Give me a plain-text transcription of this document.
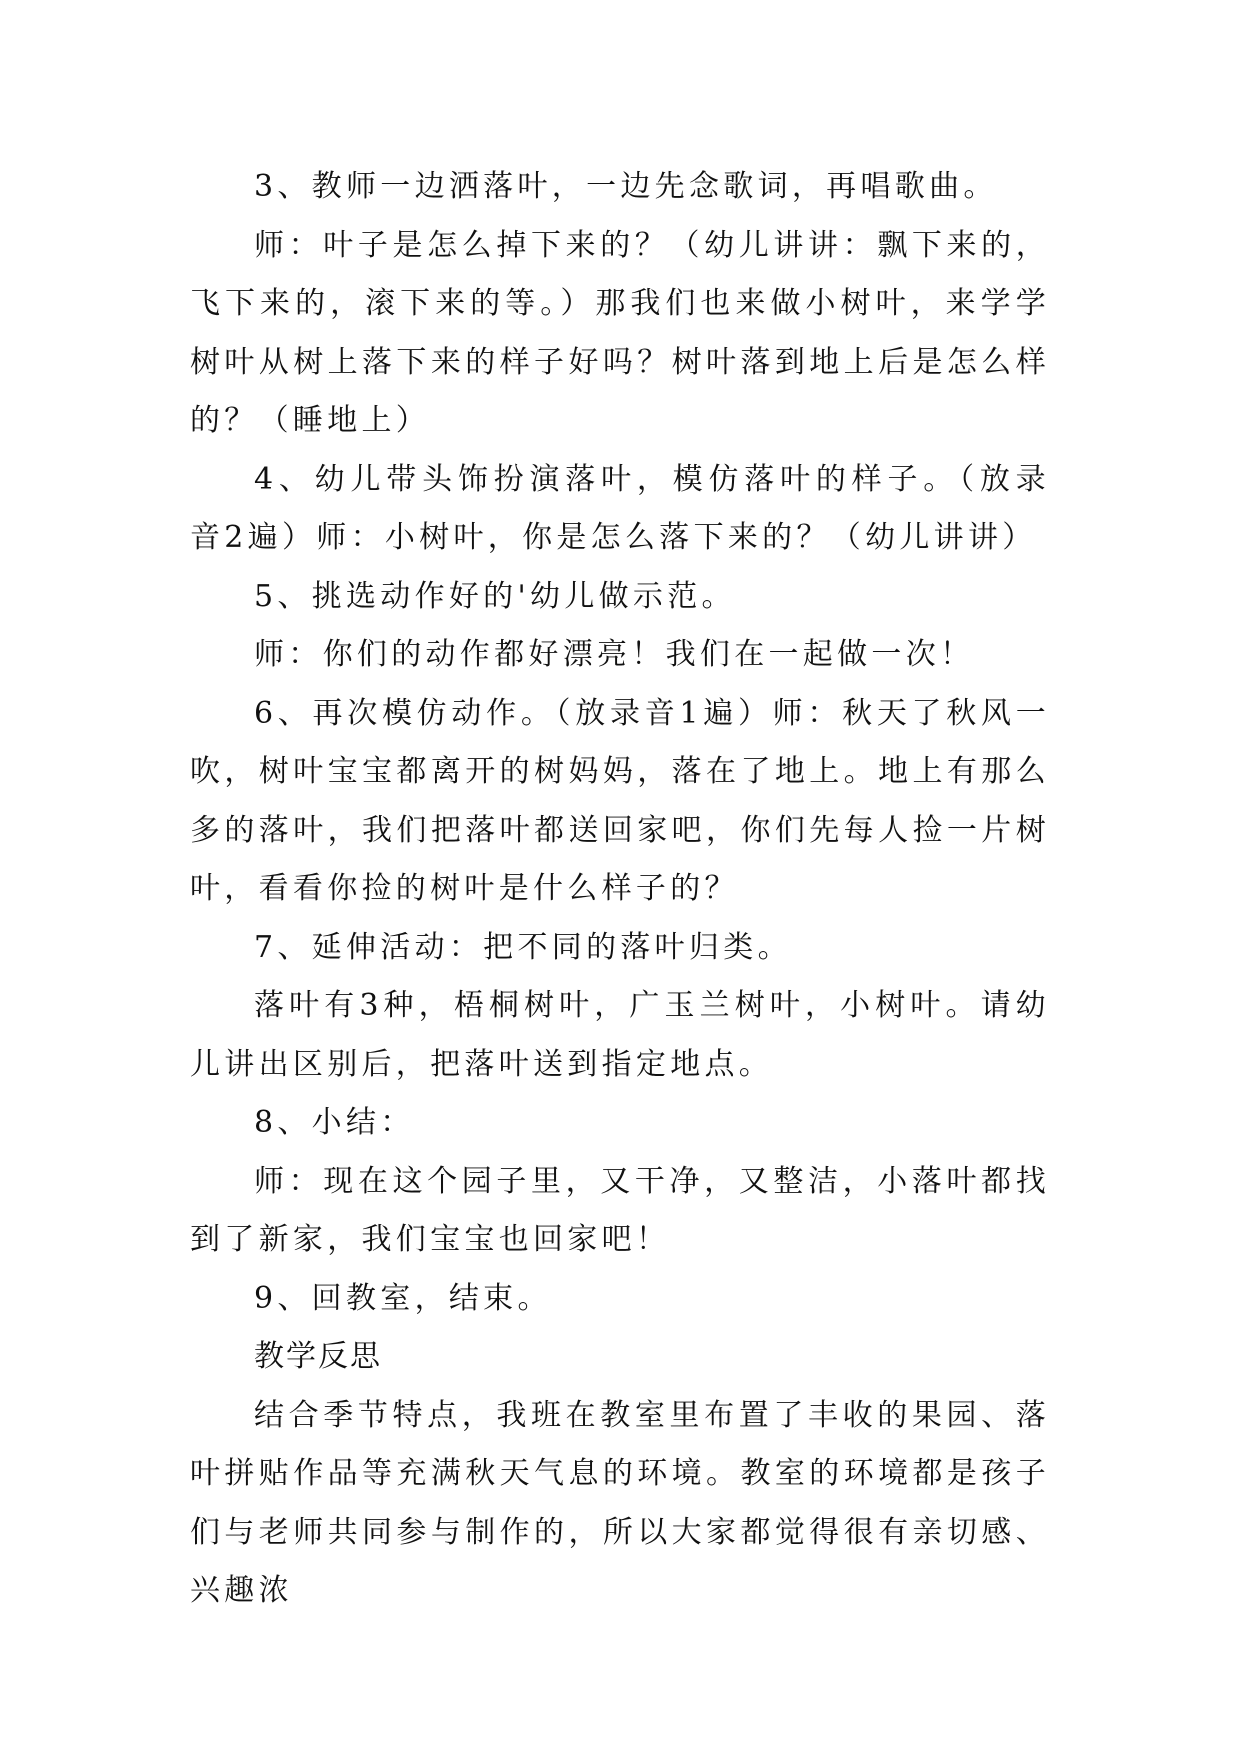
3、教师一边洒落叶，一边先念歌词，再唱歌曲。

师：叶子是怎么掉下来的？（幼儿讲讲：飘下来的，飞下来的，滚下来的等。）那我们也来做小树叶，来学学树叶从树上落下来的样子好吗？树叶落到地上后是怎么样的？（睡地上）

4、幼儿带头饰扮演落叶，模仿落叶的样子。（放录音2遍）师：小树叶，你是怎么落下来的？（幼儿讲讲）

5、挑选动作好的'幼儿做示范。

师：你们的动作都好漂亮！我们在一起做一次！

6、再次模仿动作。（放录音1遍）师：秋天了秋风一吹，树叶宝宝都离开的树妈妈，落在了地上。地上有那么多的落叶，我们把落叶都送回家吧，你们先每人捡一片树叶，看看你捡的树叶是什么样子的？

7、延伸活动：把不同的落叶归类。

落叶有3种，梧桐树叶，广玉兰树叶，小树叶。请幼儿讲出区别后，把落叶送到指定地点。

8、小结：

师：现在这个园子里，又干净，又整洁，小落叶都找到了新家，我们宝宝也回家吧！

9、回教室，结束。

教学反思

结合季节特点，我班在教室里布置了丰收的果园、落叶拼贴作品等充满秋天气息的环境。教室的环境都是孩子们与老师共同参与制作的，所以大家都觉得很有亲切感、兴趣浓
